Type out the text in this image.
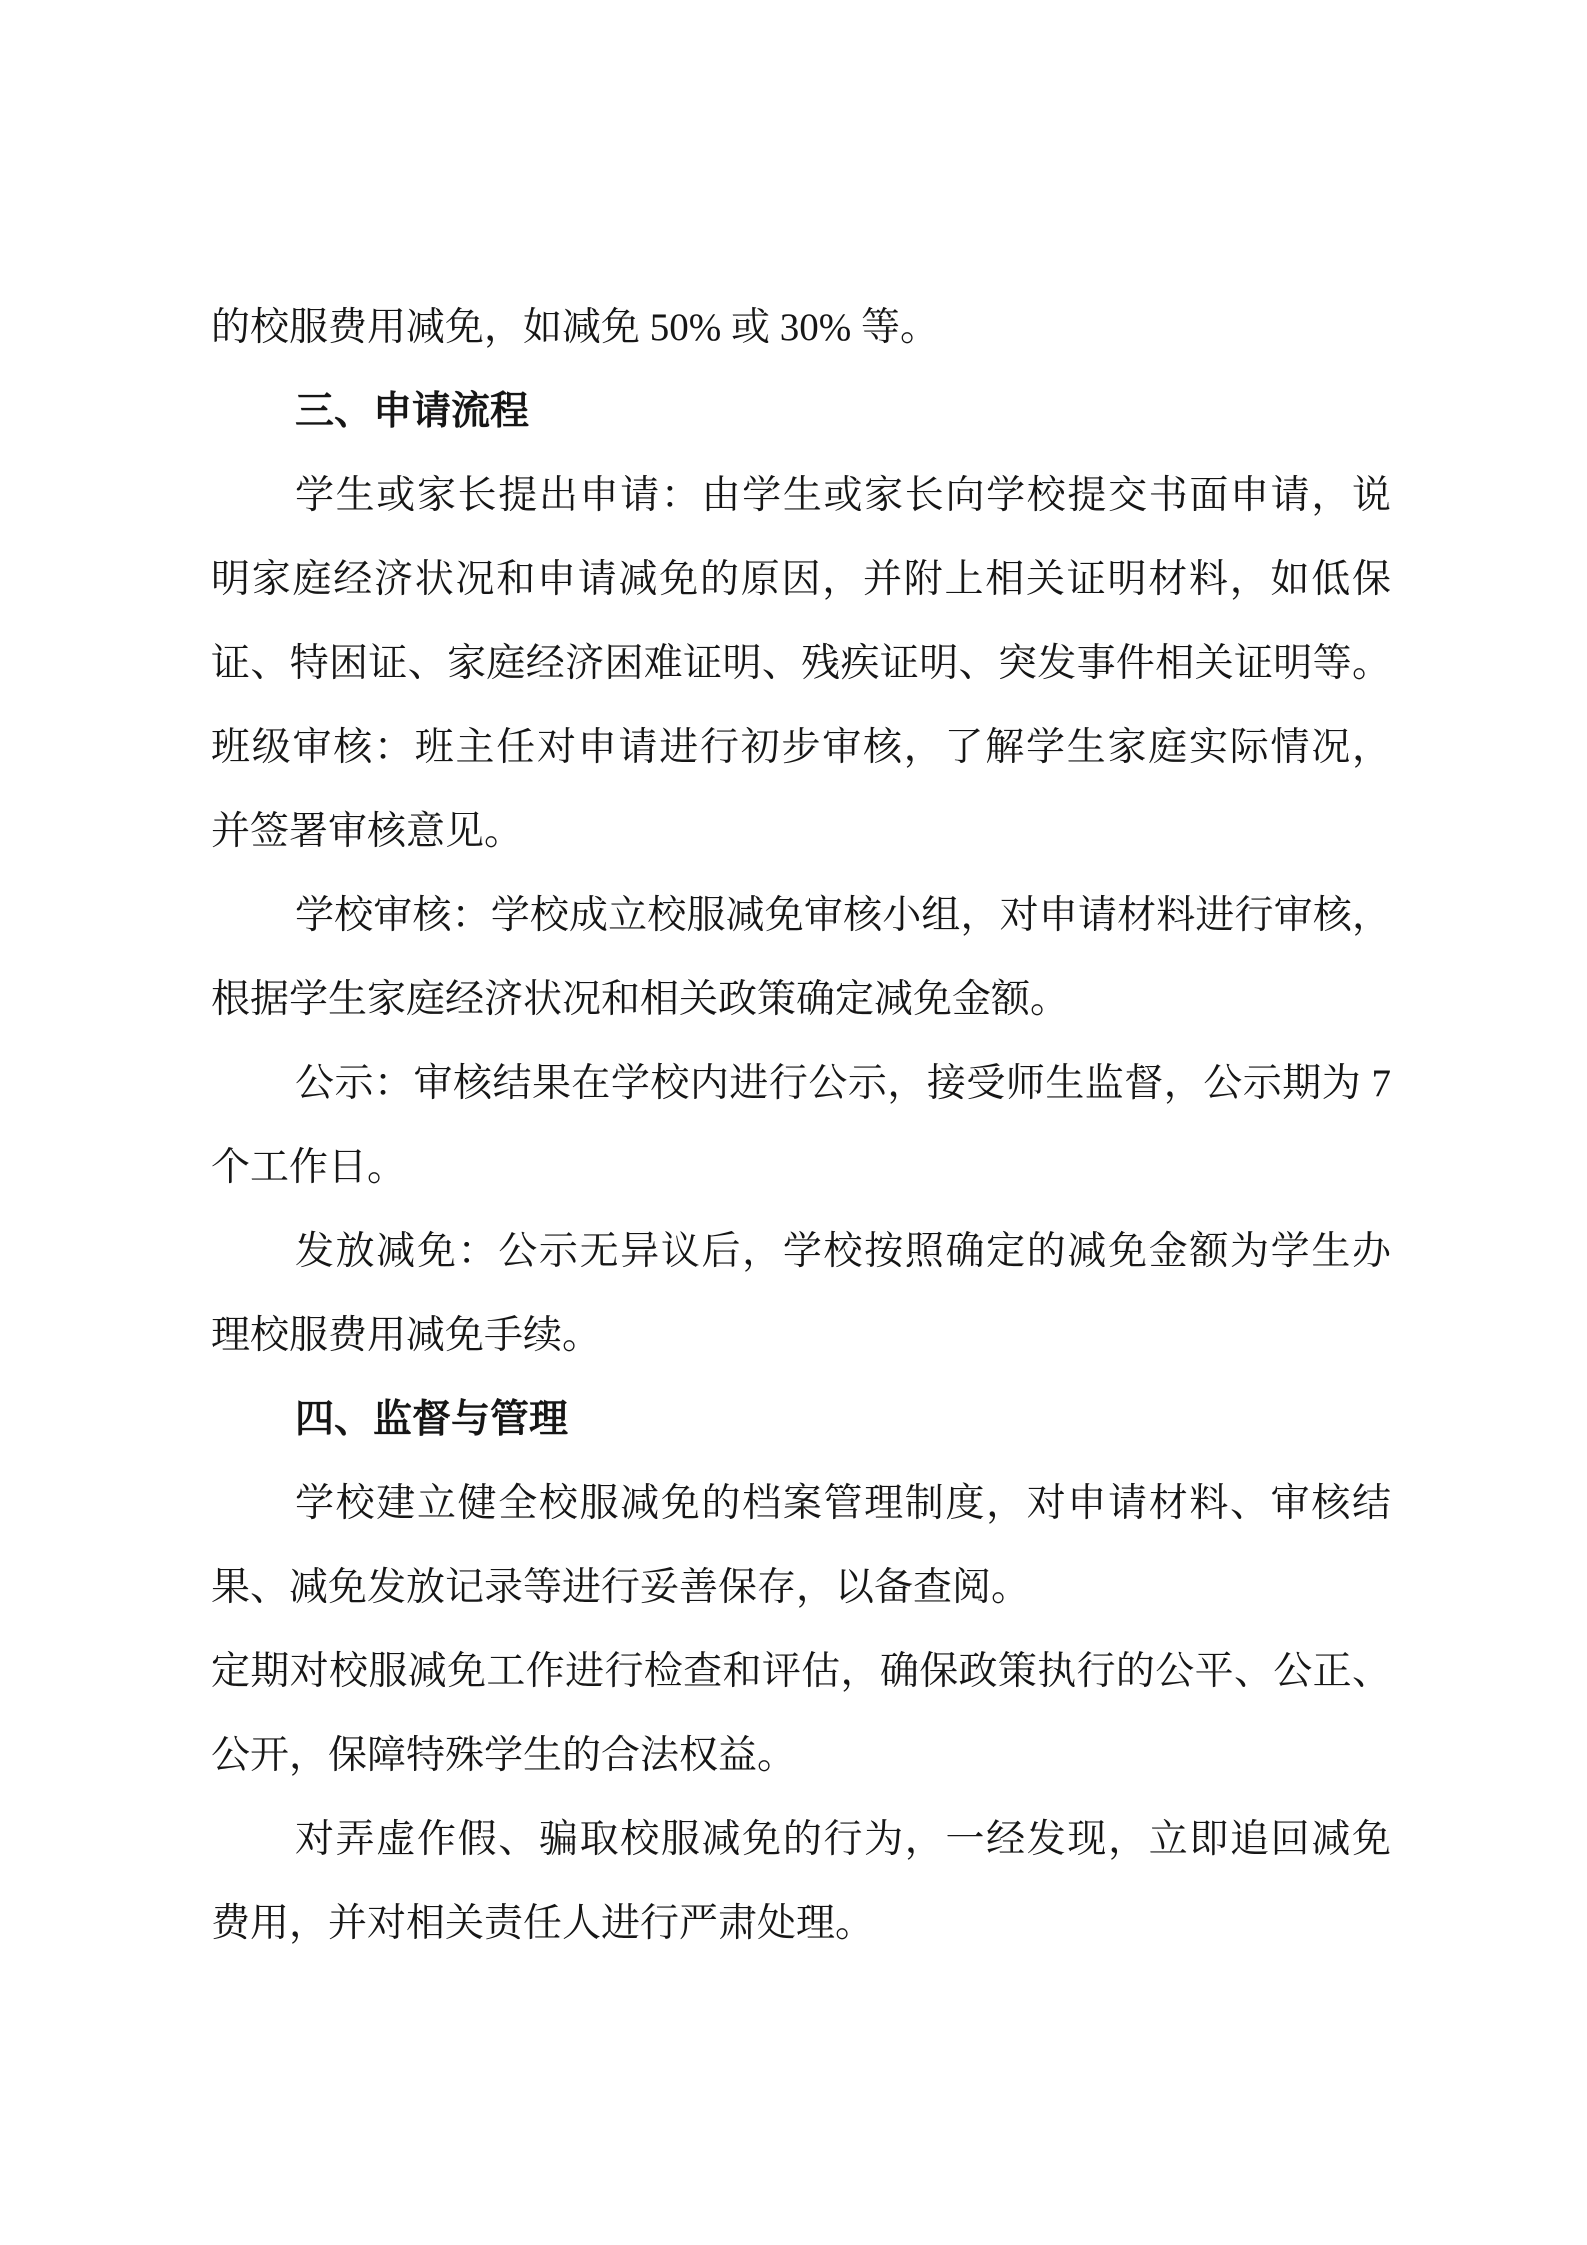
的校服费用减免，如减免 50% 或 30% 等。
三、申请流程
学生或家长提出申请：由学生或家长向学校提交书面申请，说
明家庭经济状况和申请减免的原因，并附上相关证明材料，如低保
证、特困证、家庭经济困难证明、残疾证明、突发事件相关证明等。
班级审核：班主任对申请进行初步审核，了解学生家庭实际情况，
并签署审核意见。
学校审核：学校成立校服减免审核小组，对申请材料进行审核，
根据学生家庭经济状况和相关政策确定减免金额。
公示：审核结果在学校内进行公示，接受师生监督，公示期为 7
个工作日。
发放减免：公示无异议后，学校按照确定的减免金额为学生办
理校服费用减免手续。
四、监督与管理
学校建立健全校服减免的档案管理制度，对申请材料、审核结
果、减免发放记录等进行妥善保存，以备查阅。
定期对校服减免工作进行检查和评估，确保政策执行的公平、公正、
公开，保障特殊学生的合法权益。
对弄虚作假、骗取校服减免的行为，一经发现，立即追回减免
费用，并对相关责任人进行严肃处理。
